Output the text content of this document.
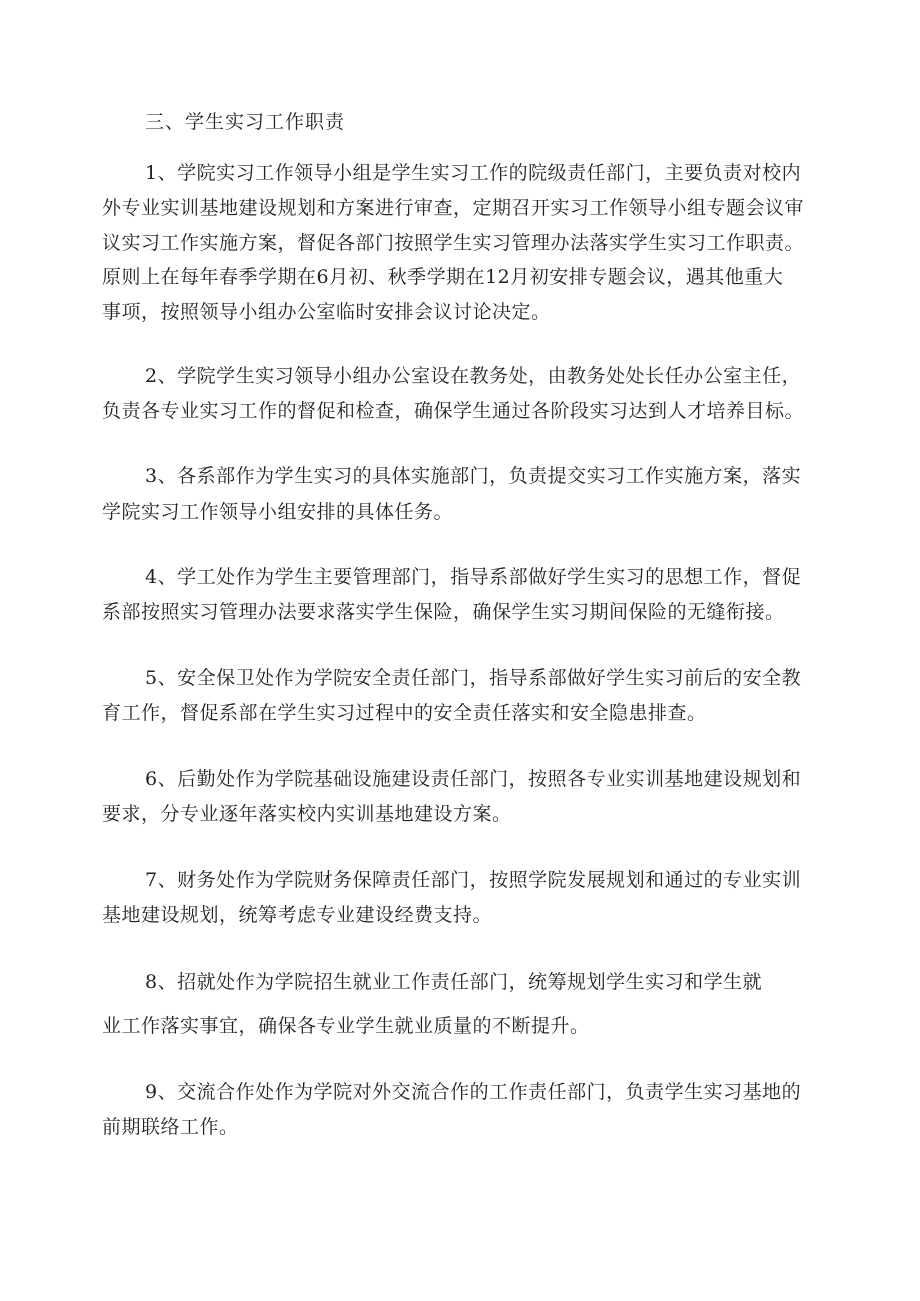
三、学生实习工作职责
1、学院实习工作领导小组是学生实习工作的院级责任部门，主要负责对校内
外专业实训基地建设规划和方案进行审查，定期召开实习工作领导小组专题会议审
议实习工作实施方案，督促各部门按照学生实习管理办法落实学生实习工作职责。
原则上在每年春季学期在6月初、秋季学期在12月初安排专题会议，遇其他重大
事项，按照领导小组办公室临时安排会议讨论决定。
2、学院学生实习领导小组办公室设在教务处，由教务处处长任办公室主任，
负责各专业实习工作的督促和检查，确保学生通过各阶段实习达到人才培养目标。
3、各系部作为学生实习的具体实施部门，负责提交实习工作实施方案，落实
学院实习工作领导小组安排的具体任务。
4、学工处作为学生主要管理部门，指导系部做好学生实习的思想工作，督促
系部按照实习管理办法要求落实学生保险，确保学生实习期间保险的无缝衔接。
5、安全保卫处作为学院安全责任部门，指导系部做好学生实习前后的安全教
育工作，督促系部在学生实习过程中的安全责任落实和安全隐患排查。
6、后勤处作为学院基础设施建设责任部门，按照各专业实训基地建设规划和
要求，分专业逐年落实校内实训基地建设方案。
7、财务处作为学院财务保障责任部门，按照学院发展规划和通过的专业实训
基地建设规划，统筹考虑专业建设经费支持。
8、招就处作为学院招生就业工作责任部门，统筹规划学生实习和学生就
业工作落实事宜，确保各专业学生就业质量的不断提升。
9、交流合作处作为学院对外交流合作的工作责任部门，负责学生实习基地的
前期联络工作。
